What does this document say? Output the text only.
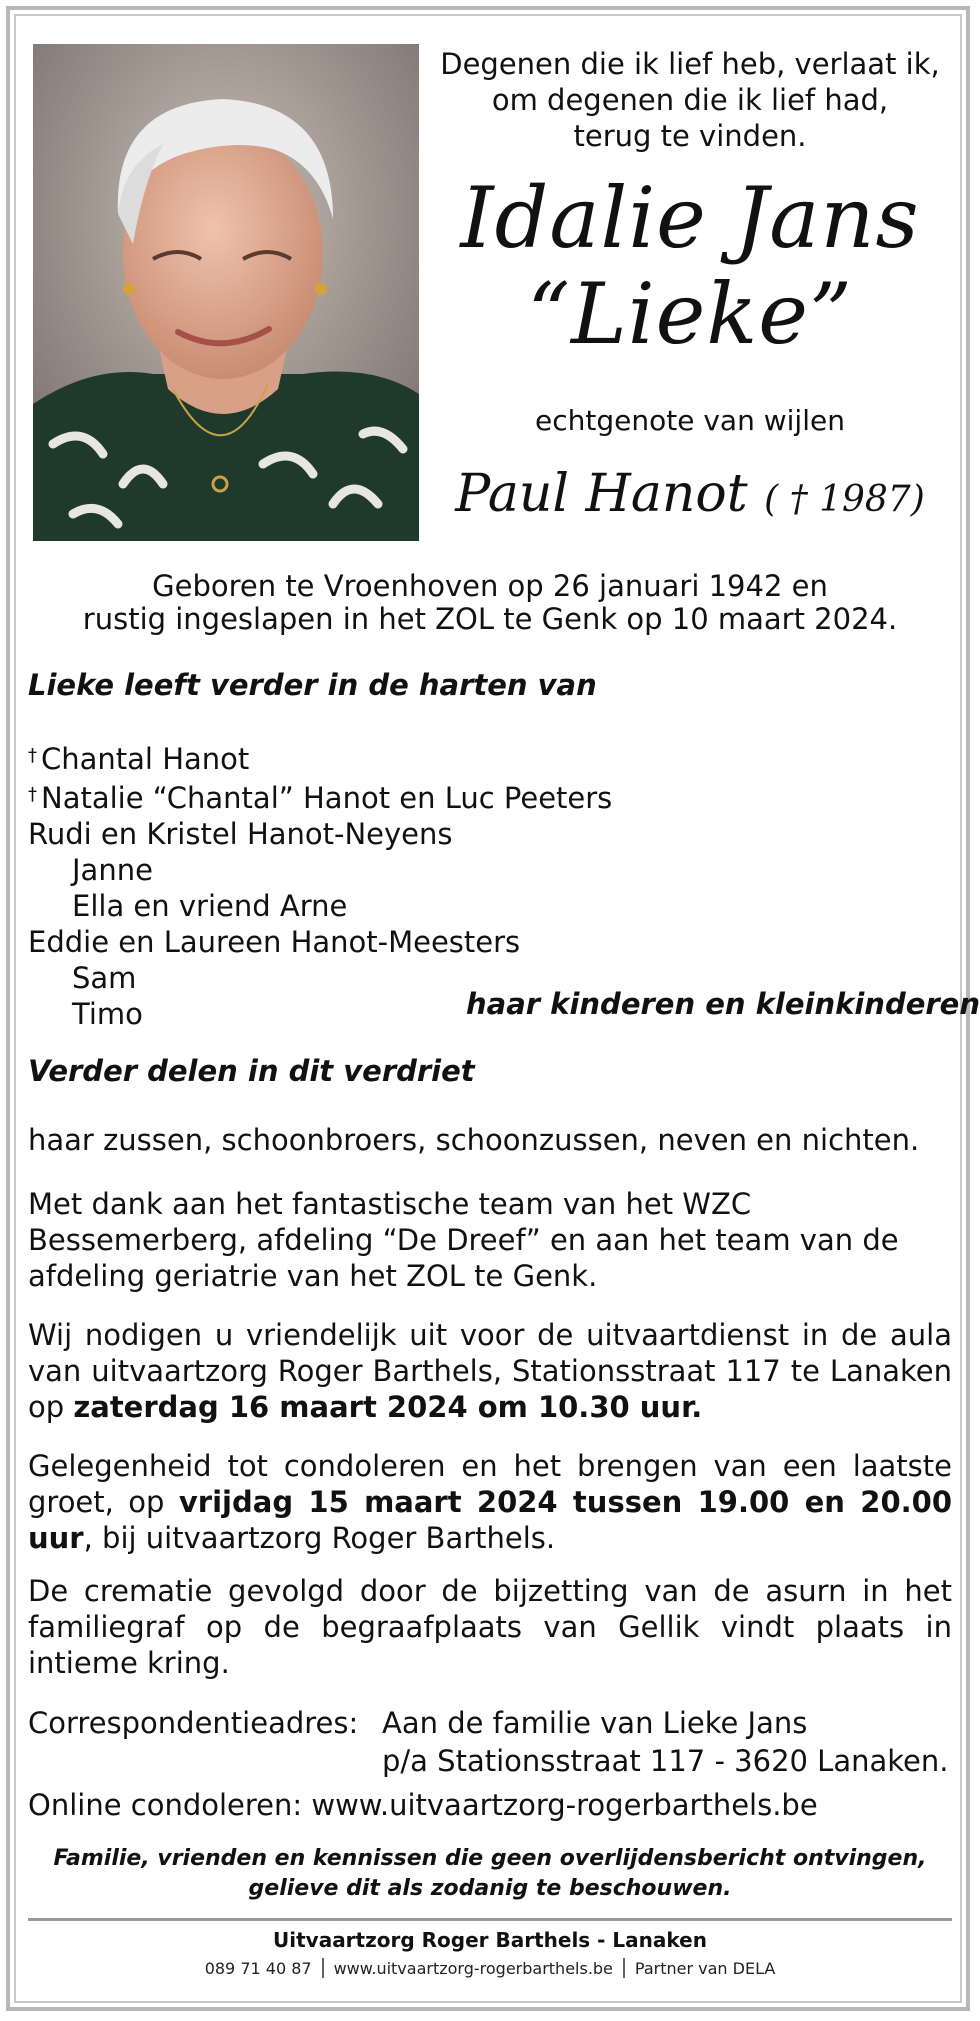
Degenen die ik lief heb, verlaat ik,
om degenen die ik lief had,
terug te vinden.
Idalie Jans
“Lieke”
echtgenote van wijlen
Paul Hanot ( † 1987)
Geboren te Vroenhoven op 26 januari 1942 en
rustig ingeslapen in het ZOL te Genk op 10 maart 2024.
Lieke leeft verder in de harten van
† Chantal Hanot
† Natalie “Chantal” Hanot en Luc Peeters
Rudi en Kristel Hanot-Neyens
Janne
Ella en vriend Arne
Eddie en Laureen Hanot-Meesters
Sam
Timo	haar kinderen en kleinkinderen
Verder delen in dit verdriet
haar zussen, schoonbroers, schoonzussen, neven en nichten.
Met dank aan het fantastische team van het WZC Bessemerberg, afdeling “De Dreef” en aan het team van de afdeling geriatrie van het ZOL te Genk.
Wij nodigen u vriendelijk uit voor de uitvaartdienst in de aula van uitvaartzorg Roger Barthels, Stationsstraat 117 te Lanaken op zaterdag 16 maart 2024 om 10.30 uur.
Gelegenheid tot condoleren en het brengen van een laatste groet, op vrijdag 15 maart 2024 tussen 19.00 en 20.00 uur, bij uitvaartzorg Roger Barthels.
De crematie gevolgd door de bijzetting van de asurn in het familiegraf op de begraafplaats van Gellik vindt plaats in intieme kring.
Correspondentieadres: Aan de familie van Lieke Jans
p/a Stationsstraat 117 - 3620 Lanaken.
Online condoleren: www.uitvaartzorg-rogerbarthels.be
Familie, vrienden en kennissen die geen overlijdensbericht ontvingen,
gelieve dit als zodanig te beschouwen.
Uitvaartzorg Roger Barthels - Lanaken
089 71 40 87 www.uitvaartzorg-rogerbarthels.be Partner van DELA
